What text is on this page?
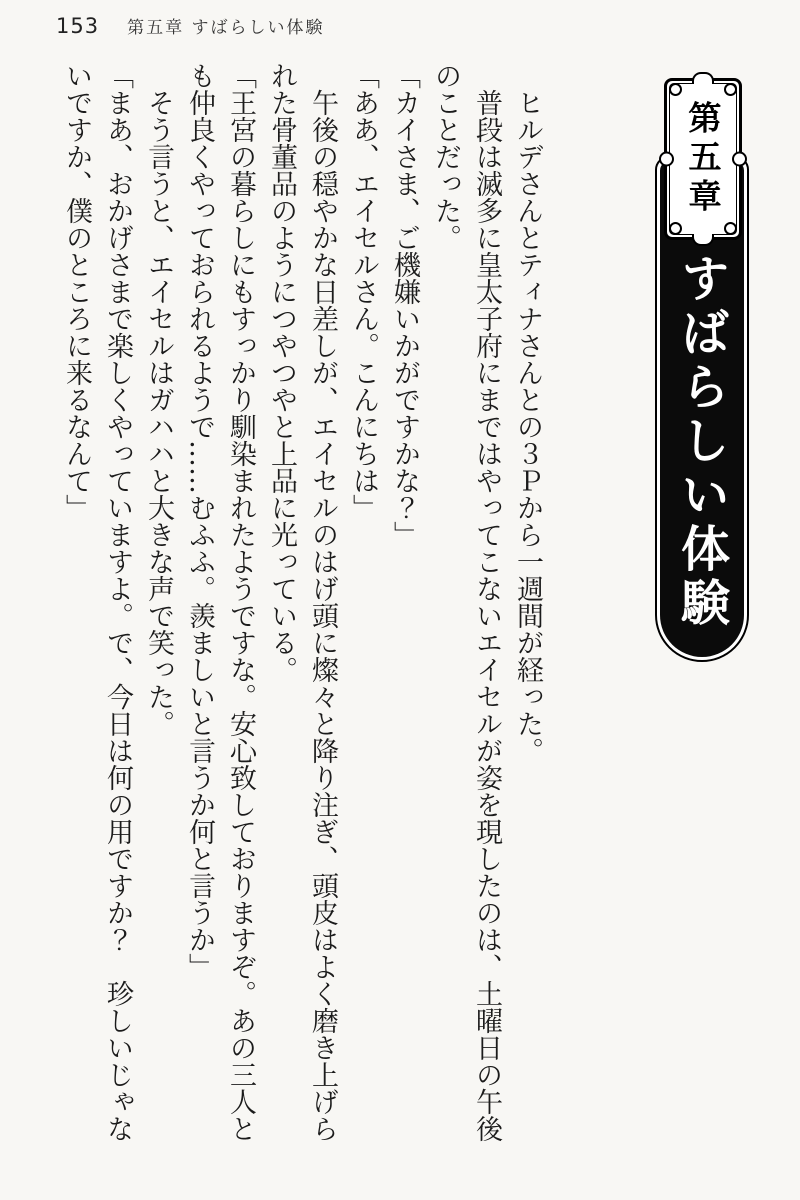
153 第五章 すばらしい体験

ヒルデさんとティナさんとの３Ｐから一週間が経った。

普段は滅多に皇太子府にまではやってこないエイセルが姿を現したのは、土曜日の午後のことだった。

「カイさま、ご機嫌いかがですかな？」

「ああ、エイセルさん。こんにちは」

午後の穏やかな日差しが、エイセルのはげ頭に燦々と降り注ぎ、頭皮はよく磨き上げられた骨董品のようにつやつやと上品に光っている。

「王宮の暮らしにもすっかり馴染まれたようですな。安心致しておりますぞ。あの三人とも仲良くやっておられるようで……むふふ。羨ましいと言うか何と言うか」

そう言うと、エイセルはガハハと大きな声で笑った。

「まあ、おかげさまで楽しくやっていますよ。で、今日は何の用ですか？　珍しいじゃないですか、僕のところに来るなんて」	すばらしい体験
第五章
